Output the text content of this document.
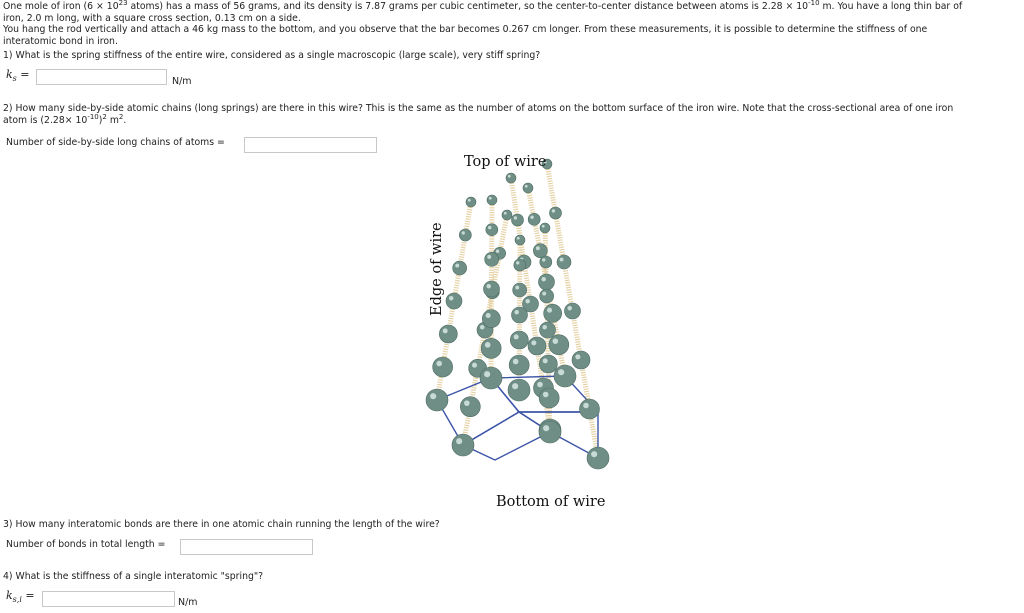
One mole of iron ($6 \times 10^{23}$ atoms) has a mass of 56 grams, and its density is 7.87 grams per cubic centimeter, so the center-to-center distance between atoms is $2.28 \times 10^{-10}$ m. You have a long thin bar of
iron, 2.0 m long, with a square cross section, 0.13 cm on a side.
You hang the rod vertically and attach a 46 kg mass to the bottom, and you observe that the bar becomes 0.267 cm longer. From these measurements, it is possible to determine the stiffness of one
interatomic bond in iron.
1) What is the spring stiffness of the entire wire, considered as a single macroscopic (large scale), very stiff spring?
$k_s$ =
N/m
2) How many side-by-side atomic chains (long springs) are there in this wire? This is the same as the number of atoms on the bottom surface of the iron wire. Note that the cross-sectional area of one iron
atom is $(2.28\times 10^{-10})^2$ $m^2$.
Number of side-by-side long chains of atoms =
Top of wire
Bottom of wire
Edge of wire
3) How many interatomic bonds are there in one atomic chain running the length of the wire?
Number of bonds in total length =
4) What is the stiffness of a single interatomic "spring"?
$k_{s,i}$ =
N/m
